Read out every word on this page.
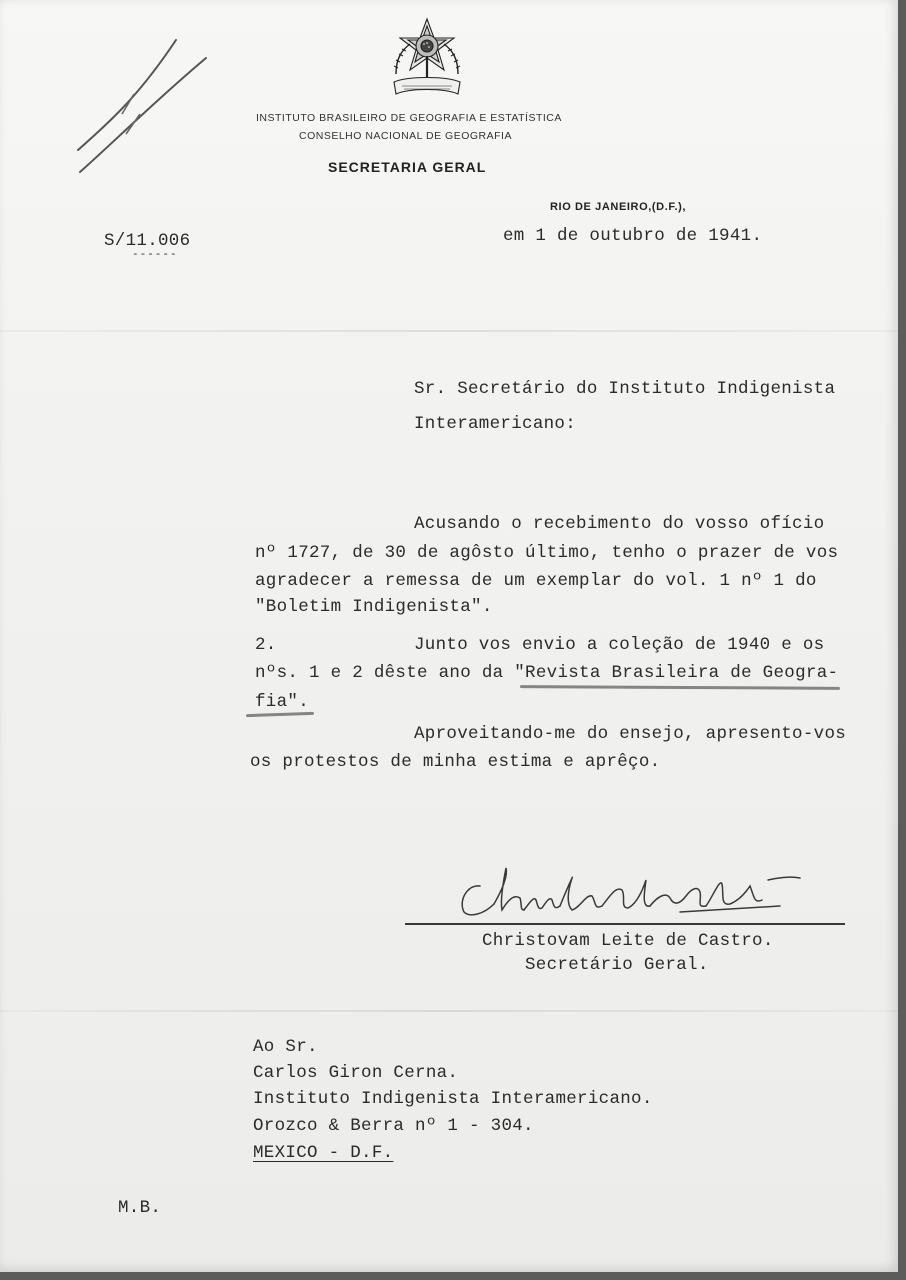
INSTITUTO BRASILEIRO DE GEOGRAFIA E ESTATÍSTICA
CONSELHO NACIONAL DE GEOGRAFIA
SECRETARIA GERAL
RIO DE JANEIRO,(D.F.),
S/11.006
------
em 1 de outubro de 1941.
Sr. Secretário do Instituto Indigenista
Interamericano:
Acusando o recebimento do vosso ofício
nº 1727, de 30 de agôsto último, tenho o prazer de vos
agradecer a remessa de um exemplar do vol. 1 nº 1 do
"Boletim Indigenista".
2.	Junto vos envio a coleção de 1940 e os
nºs. 1 e 2 dêste ano da "Revista Brasileira de Geogra-
fia".
Aproveitando-me do ensejo, apresento-vos
os protestos de minha estima e aprêço.
Christovam Leite de Castro.
Secretário Geral.
Ao Sr.
Carlos Giron Cerna.
Instituto Indigenista Interamericano.
Orozco & Berra nº 1 - 304.
MEXICO - D.F.
M.B.
